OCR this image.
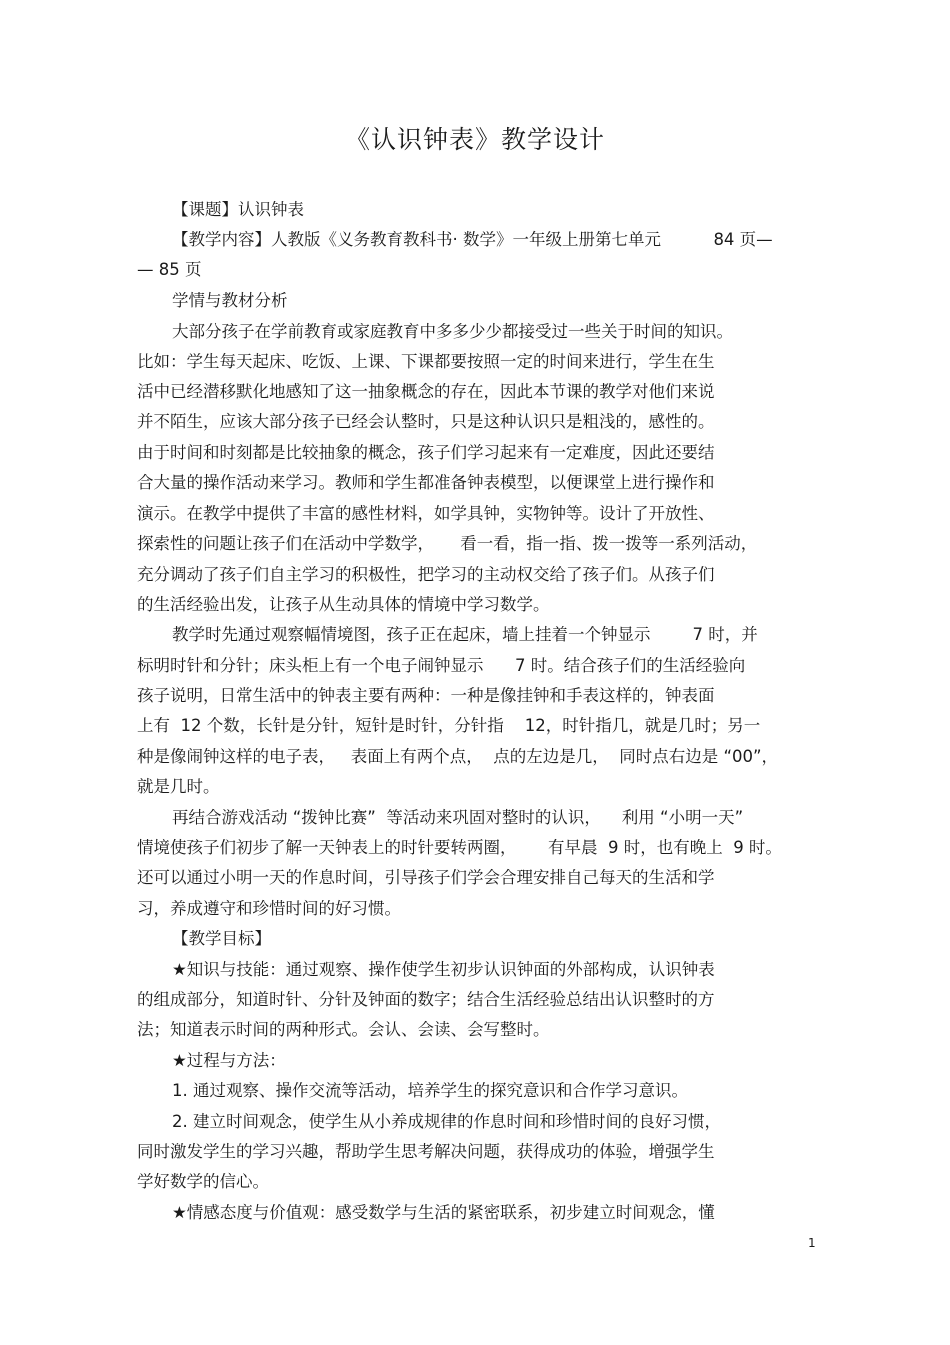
《认识钟表》教学设计
【课题】认识钟表
【教学内容】人教版《义务教育教科书· 数学》一年级上册第七单元          84 页—
— 85 页
学情与教材分析
大部分孩子在学前教育或家庭教育中多多少少都接受过一些关于时间的知识。
比如：学生每天起床、吃饭、上课、下课都要按照一定的时间来进行，学生在生
活中已经潜移默化地感知了这一抽象概念的存在，因此本节课的教学对他们来说
并不陌生，应该大部分孩子已经会认整时，只是这种认识只是粗浅的，感性的。
由于时间和时刻都是比较抽象的概念，孩子们学习起来有一定难度，因此还要结
合大量的操作活动来学习。教师和学生都准备钟表模型，以便课堂上进行操作和
演示。在教学中提供了丰富的感性材料，如学具钟，实物钟等。设计了开放性、
探索性的问题让孩子们在活动中学数学，     看一看，指一指、拨一拨等一系列活动，
充分调动了孩子们自主学习的积极性，把学习的主动权交给了孩子们。从孩子们
的生活经验出发，让孩子从生动具体的情境中学习数学。
教学时先通过观察幅情境图，孩子正在起床，墙上挂着一个钟显示        7 时，并
标明时针和分针；床头柜上有一个电子闹钟显示      7 时。结合孩子们的生活经验向
孩子说明，日常生活中的钟表主要有两种：一种是像挂钟和手表这样的，钟表面
上有  12 个数，长针是分针，短针是时针，分针指    12，时针指几，就是几时；另一
种是像闹钟这样的电子表，   表面上有两个点，  点的左边是几，  同时点右边是 “00”，
就是几时。
再结合游戏活动 “拨钟比赛”  等活动来巩固对整时的认识，    利用 “小明一天”
情境使孩子们初步了解一天钟表上的时针要转两圈，      有早晨  9 时，也有晚上  9 时。
还可以通过小明一天的作息时间，引导孩子们学会合理安排自己每天的生活和学
习，养成遵守和珍惜时间的好习惯。
【教学目标】
★知识与技能：通过观察、操作使学生初步认识钟面的外部构成，认识钟表
的组成部分，知道时针、分针及钟面的数字；结合生活经验总结出认识整时的方
法；知道表示时间的两种形式。会认、会读、会写整时。
★过程与方法：
1. 通过观察、操作交流等活动，培养学生的探究意识和合作学习意识。
2. 建立时间观念，使学生从小养成规律的作息时间和珍惜时间的良好习惯，
同时激发学生的学习兴趣，帮助学生思考解决问题，获得成功的体验，增强学生
学好数学的信心。
★情感态度与价值观：感受数学与生活的紧密联系，初步建立时间观念，懂
1
